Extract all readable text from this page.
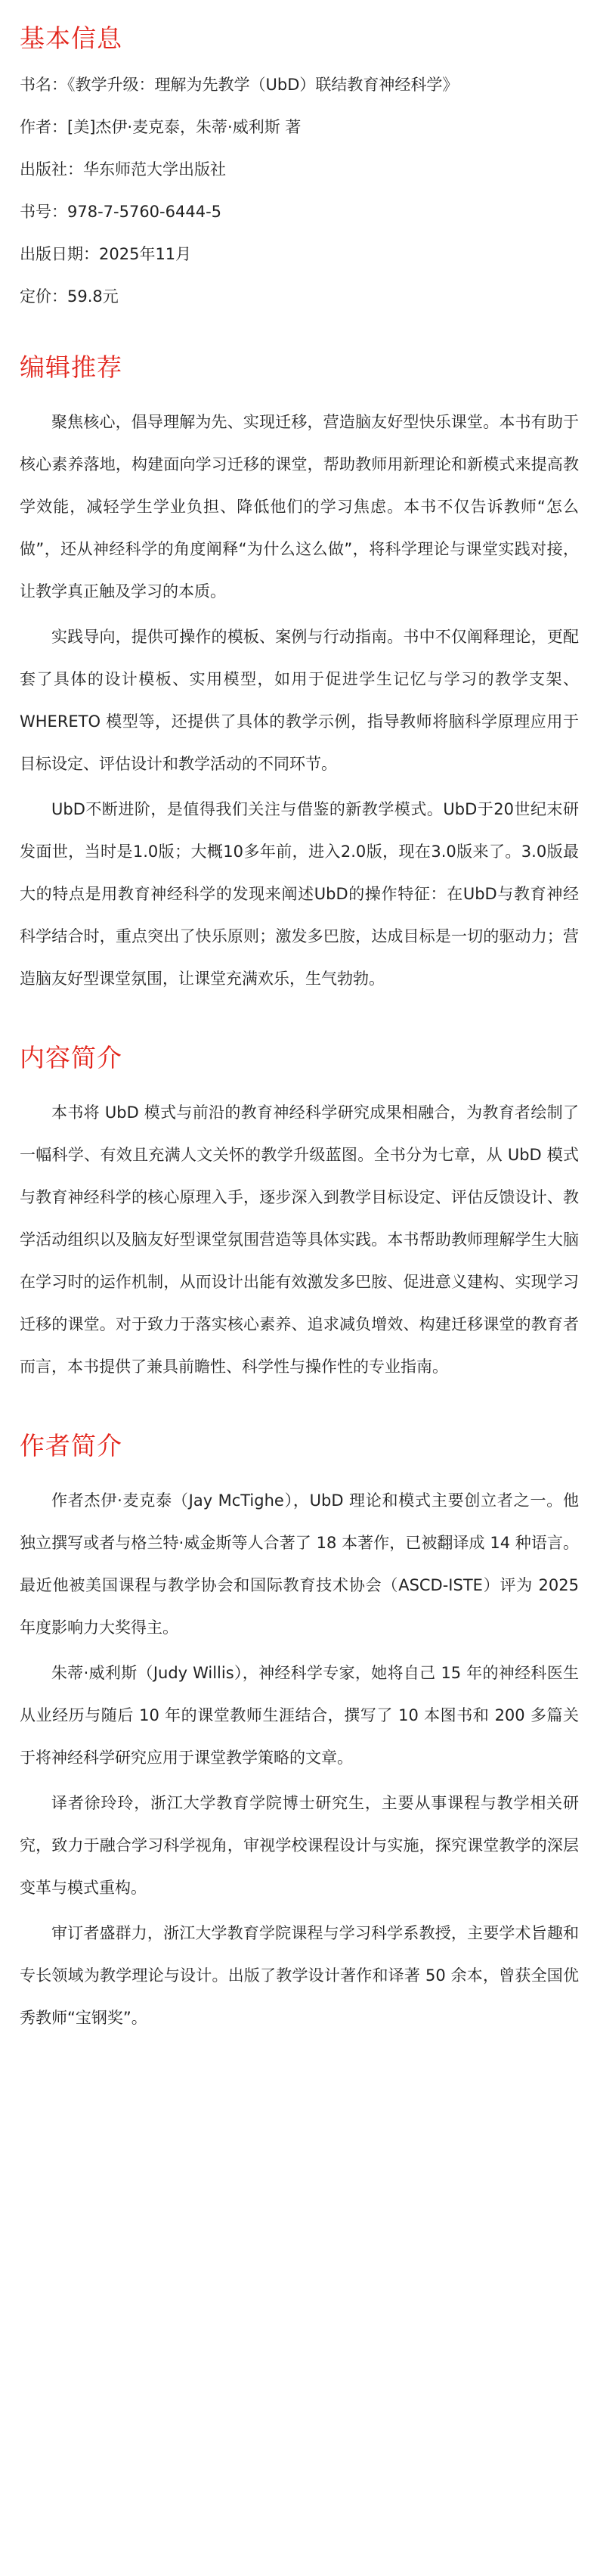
基本信息

书名：《教学升级：理解为先教学（UbD）联结教育神经科学》

作者：[美]杰伊·麦克泰，朱蒂·威利斯 著

出版社：华东师范大学出版社

书号：978-7-5760-6444-5

出版日期：2025年11月

定价：59.8元

编辑推荐

聚焦核心，倡导理解为先、实现迁移，营造脑友好型快乐课堂。本书有助于核心素养落地，构建面向学习迁移的课堂，帮助教师用新理论和新模式来提高教学效能，减轻学生学业负担、降低他们的学习焦虑。本书不仅告诉教师“怎么做”，还从神经科学的角度阐释“为什么这么做”，将科学理论与课堂实践对接，让教学真正触及学习的本质。

实践导向，提供可操作的模板、案例与行动指南。书中不仅阐释理论，更配套了具体的设计模板、实用模型，如用于促进学生记忆与学习的教学支架、WHERETO 模型等，还提供了具体的教学示例，指导教师将脑科学原理应用于目标设定、评估设计和教学活动的不同环节。

UbD不断进阶，是值得我们关注与借鉴的新教学模式。UbD于20世纪末研发面世，当时是1.0版；大概10多年前，进入2.0版，现在3.0版来了。3.0版最大的特点是用教育神经科学的发现来阐述UbD的操作特征：在UbD与教育神经科学结合时，重点突出了快乐原则；激发多巴胺，达成目标是一切的驱动力；营造脑友好型课堂氛围，让课堂充满欢乐，生气勃勃。

内容简介

本书将 UbD 模式与前沿的教育神经科学研究成果相融合，为教育者绘制了一幅科学、有效且充满人文关怀的教学升级蓝图。全书分为七章，从 UbD 模式与教育神经科学的核心原理入手，逐步深入到教学目标设定、评估反馈设计、教学活动组织以及脑友好型课堂氛围营造等具体实践。本书帮助教师理解学生大脑在学习时的运作机制，从而设计出能有效激发多巴胺、促进意义建构、实现学习迁移的课堂。对于致力于落实核心素养、追求减负增效、构建迁移课堂的教育者而言，本书提供了兼具前瞻性、科学性与操作性的专业指南。

作者简介

作者杰伊·麦克泰（Jay McTighe），UbD 理论和模式主要创立者之一。他独立撰写或者与格兰特·威金斯等人合著了 18 本著作，已被翻译成 14 种语言。最近他被美国课程与教学协会和国际教育技术协会（ASCD-ISTE）评为 2025 年度影响力大奖得主。

朱蒂·威利斯（Judy Willis），神经科学专家，她将自己 15 年的神经科医生从业经历与随后 10 年的课堂教师生涯结合，撰写了 10 本图书和 200 多篇关于将神经科学研究应用于课堂教学策略的文章。

译者徐玲玲，浙江大学教育学院博士研究生，主要从事课程与教学相关研究，致力于融合学习科学视角，审视学校课程设计与实施，探究课堂教学的深层变革与模式重构。

审订者盛群力，浙江大学教育学院课程与学习科学系教授，主要学术旨趣和专长领域为教学理论与设计。出版了教学设计著作和译著 50 余本，曾获全国优秀教师“宝钢奖”。
